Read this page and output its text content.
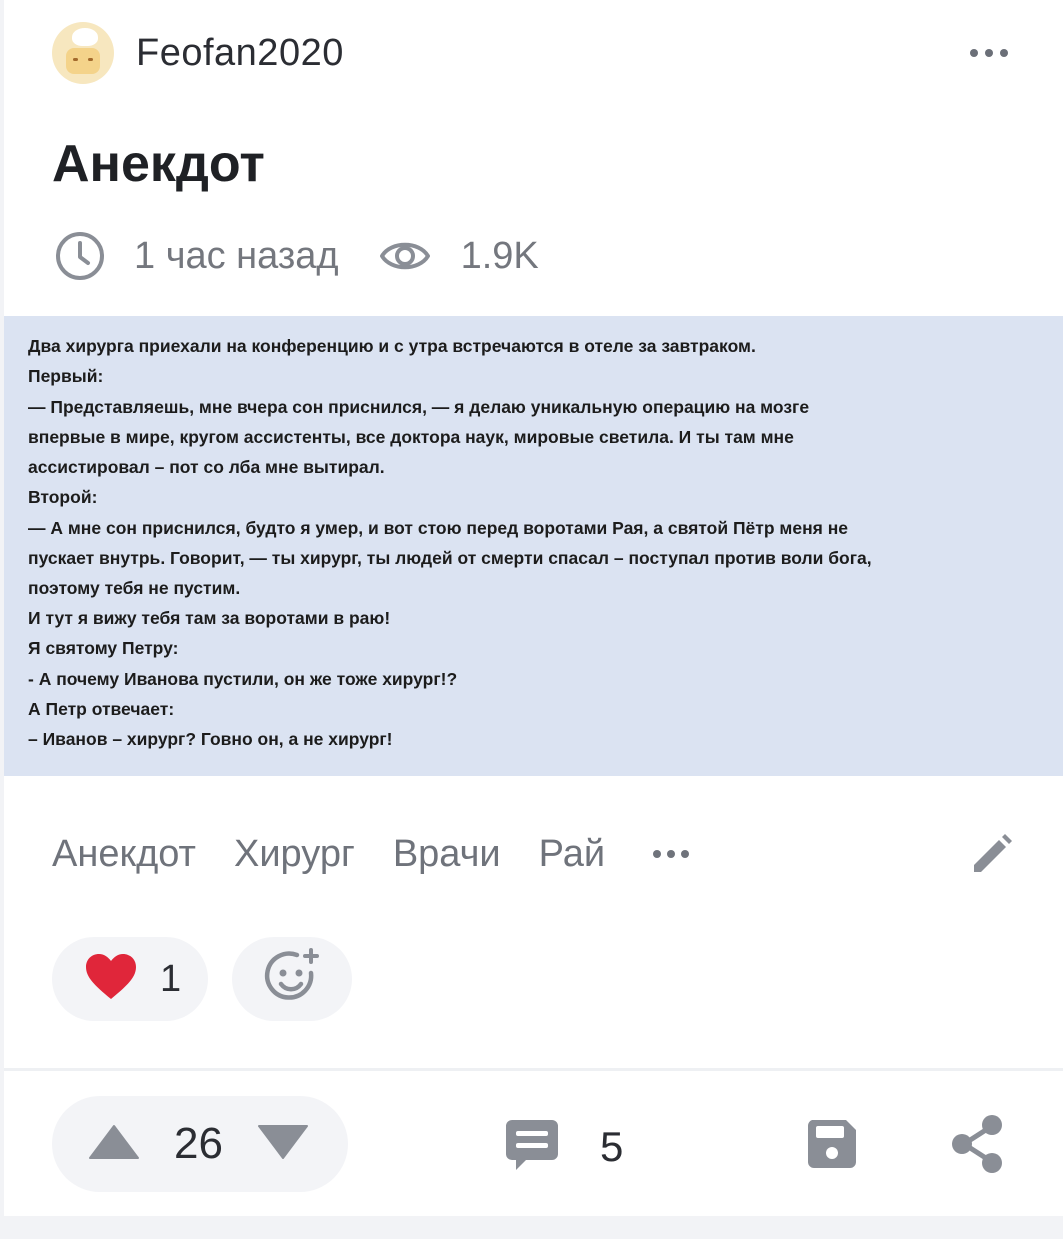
Feofan2020
Анекдот
1 час назад	1.9K
Два хирурга приехали на конференцию и с утра встречаются в отеле за завтраком.
Первый:
— Представляешь, мне вчера сон приснился, — я делаю уникальную операцию на мозге
впервые в мире, кругом ассистенты, все доктора наук, мировые светила. И ты там мне
ассистировал – пот со лба мне вытирал.
Второй:
— А мне сон приснился, будто я умер, и вот стою перед воротами Рая, а святой Пётр меня не
пускает внутрь. Говорит, — ты хирург, ты людей от смерти спасал – поступал против воли бога,
поэтому тебя не пустим.
И тут я вижу тебя там за воротами в раю!
Я святому Петру:
- А почему Иванова пустили, он же тоже хирург!?
А Петр отвечает:
– Иванов – хирург? Говно он, а не хирург!
Анекдот Хирург Врачи Рай
1
26	5
